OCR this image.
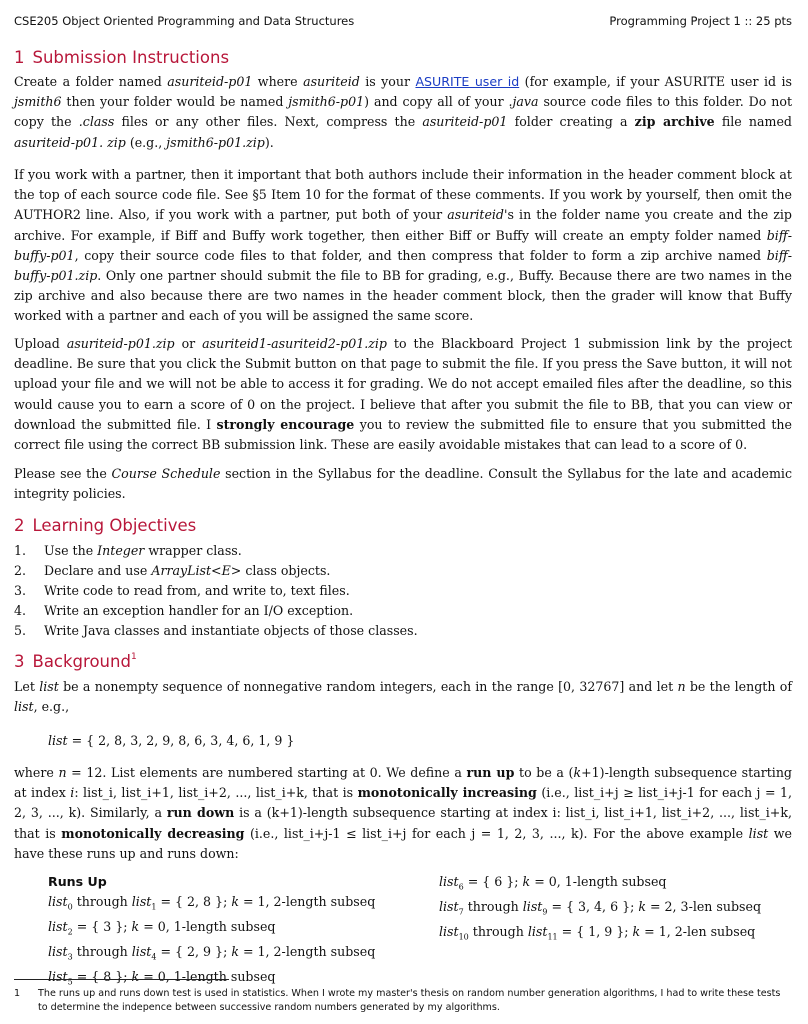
CSE205 Object Oriented Programming and Data Structures	Programming Project 1 :: 25 pts
1 Submission Instructions

Create a folder named asuriteid-p01 where asuriteid is your ASURITE user id (for example, if your ASURITE user id is jsmith6 then your folder would be named jsmith6-p01) and copy all of your .java source code files to this folder. Do not copy the .class files or any other files. Next, compress the asuriteid-p01 folder creating a zip archive file named asuriteid-p01. zip (e.g., jsmith6-p01.zip).

If you work with a partner, then it important that both authors include their information in the header comment block at the top of each source code file. See §5 Item 10 for the format of these comments. If you work by yourself, then omit the AUTHOR2 line. Also, if you work with a partner, put both of your asuriteid's in the folder name you create and the zip archive. For example, if Biff and Buffy work together, then either Biff or Buffy will create an empty folder named biff-buffy-p01, copy their source code files to that folder, and then compress that folder to form a zip archive named biff-buffy-p01.zip. Only one partner should submit the file to BB for grading, e.g., Buffy. Because there are two names in the zip archive and also because there are two names in the header comment block, then the grader will know that Buffy worked with a partner and each of you will be assigned the same score.

Upload asuriteid-p01.zip or asuriteid1-asuriteid2-p01.zip to the Blackboard Project 1 submission link by the project deadline. Be sure that you click the Submit button on that page to submit the file. If you press the Save button, it will not upload your file and we will not be able to access it for grading. We do not accept emailed files after the deadline, so this would cause you to earn a score of 0 on the project. I believe that after you submit the file to BB, that you can view or download the submitted file. I strongly encourage you to review the submitted file to ensure that you submitted the correct file using the correct BB submission link. These are easily avoidable mistakes that can lead to a score of 0.

Please see the Course Schedule section in the Syllabus for the deadline. Consult the Syllabus for the late and academic integrity policies.

2 Learning Objectives
1. Use the Integer wrapper class.
2. Declare and use ArrayList<E> class objects.
3. Write code to read from, and write to, text files.
4. Write an exception handler for an I/O exception.
5. Write Java classes and instantiate objects of those classes.
3 Background$^1$

Let list be a nonempty sequence of nonnegative random integers, each in the range [0, 32767] and let n be the length of list, e.g.,

list = { 2, 8, 3, 2, 9, 8, 6, 3, 4, 6, 1, 9 }

where n = 12. List elements are numbered starting at 0. We define a run up to be a (k+1)-length subsequence starting at index i: list_i, list_i+1, list_i+2, ..., list_i+k, that is monotonically increasing (i.e., list_i+j ≥ list_i+j-1 for each j = 1, 2, 3, ..., k). Similarly, a run down is a (k+1)-length subsequence starting at index i: list_i, list_i+1, list_i+2, ..., list_i+k, that is monotonically decreasing (i.e., list_i+j-1 ≤ list_i+j for each j = 1, 2, 3, ..., k). For the above example list we have these runs up and runs down:

Runs Up
list$_0$ through list$_1$ = { 2, 8 }; k = 1, 2-length subseq
list$_2$ = { 3 }; k = 0, 1-length subseq
list$_3$ through list$_4$ = { 2, 9 }; k = 1, 2-length subseq
list$_5$ = { 8 }; k = 0, 1-length subseq
list$_6$ = { 6 }; k = 0, 1-length subseq
list$_7$ through list$_9$ = { 3, 4, 6 }; k = 2, 3-len subseq
list$_{10}$ through list$_{11}$ = { 1, 9 }; k = 1, 2-len subseq
1	The runs up and runs down test is used in statistics. When I wrote my master's thesis on random number generation algorithms, I had to write these tests to determine the indepence between successive random numbers generated by my algorithms.
